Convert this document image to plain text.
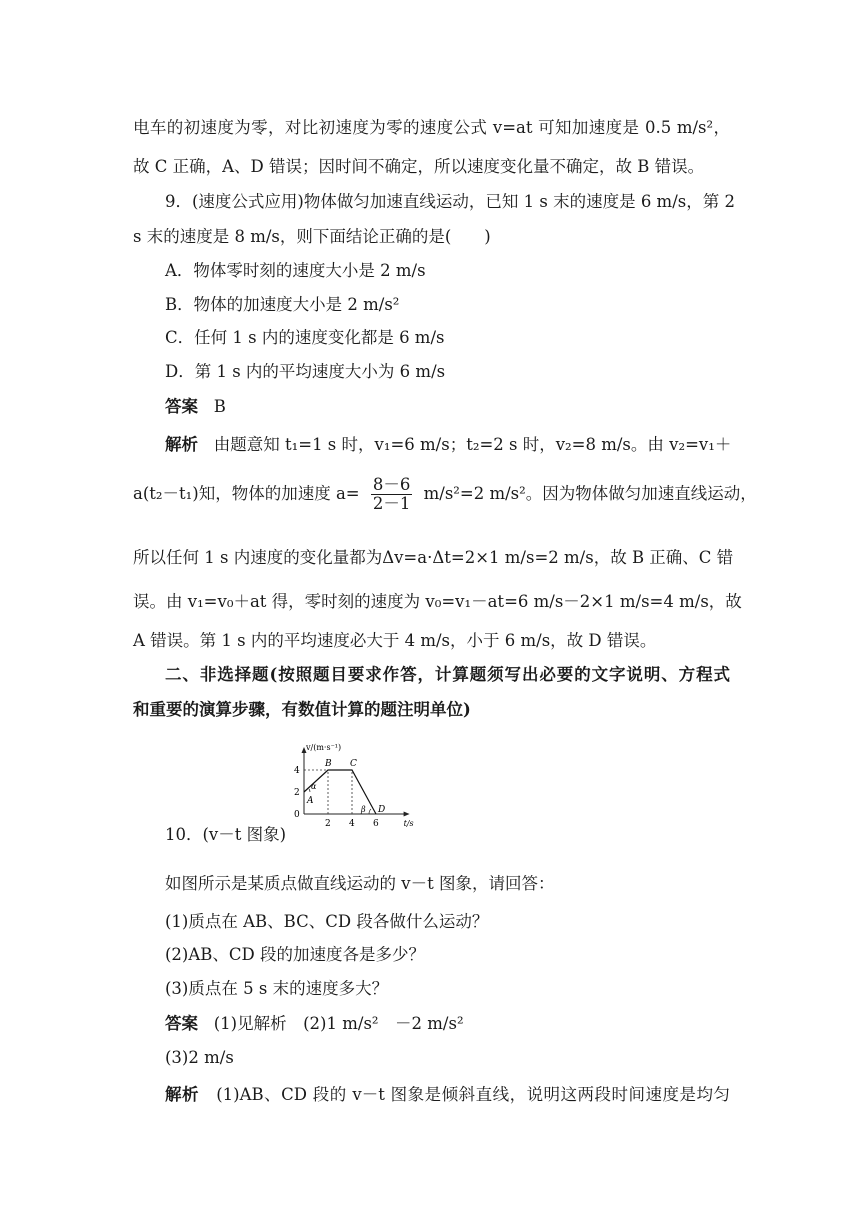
电车的初速度为零，对比初速度为零的速度公式 v=at 可知加速度是 0.5 m/s²，
故 C 正确，A、D 错误；因时间不确定，所以速度变化量不确定，故 B 错误。
9．(速度公式应用)物体做匀加速直线运动，已知 1 s 末的速度是 6 m/s，第 2
s 末的速度是 8 m/s，则下面结论正确的是(　　)
A．物体零时刻的速度大小是 2 m/s
B．物体的加速度大小是 2 m/s²
C．任何 1 s 内的速度变化都是 6 m/s
D．第 1 s 内的平均速度大小为 6 m/s
答案 B
解析 由题意知 t₁=1 s 时，v₁=6 m/s；t₂=2 s 时，v₂=8 m/s。由 v₂=v₁＋
a(t₂－t₁)知，物体的加速度 $a= \frac{8-6}{2-1} m/s^2=2$ m/s²。因为物体做匀加速直线运动，
所以任何 1 s 内速度的变化量都为Δv=a·Δt=2×1 m/s=2 m/s，故 B 正确、C 错
误。由 v₁=v₀＋at 得，零时刻的速度为 v₀=v₁－at=6 m/s－2×1 m/s=4 m/s，故
A 错误。第 1 s 内的平均速度必大于 4 m/s，小于 6 m/s，故 D 错误。
二、非选择题(按照题目要求作答，计算题须写出必要的文字说明、方程式
和重要的演算步骤，有数值计算的题注明单位)
v/(m·s⁻¹)
t/s
0
2 4 6
2
4
A
B C
D
α
β
10．(v－t 图象)
如图所示是某质点做直线运动的 v－t 图象，请回答：
(1)质点在 AB、BC、CD 段各做什么运动？
(2)AB、CD 段的加速度各是多少？
(3)质点在 5 s 末的速度多大？
答案 (1)见解析　(2)1 m/s²　－2 m/s²
(3)2 m/s
解析 (1)AB、CD 段的 v－t 图象是倾斜直线，说明这两段时间速度是均匀
